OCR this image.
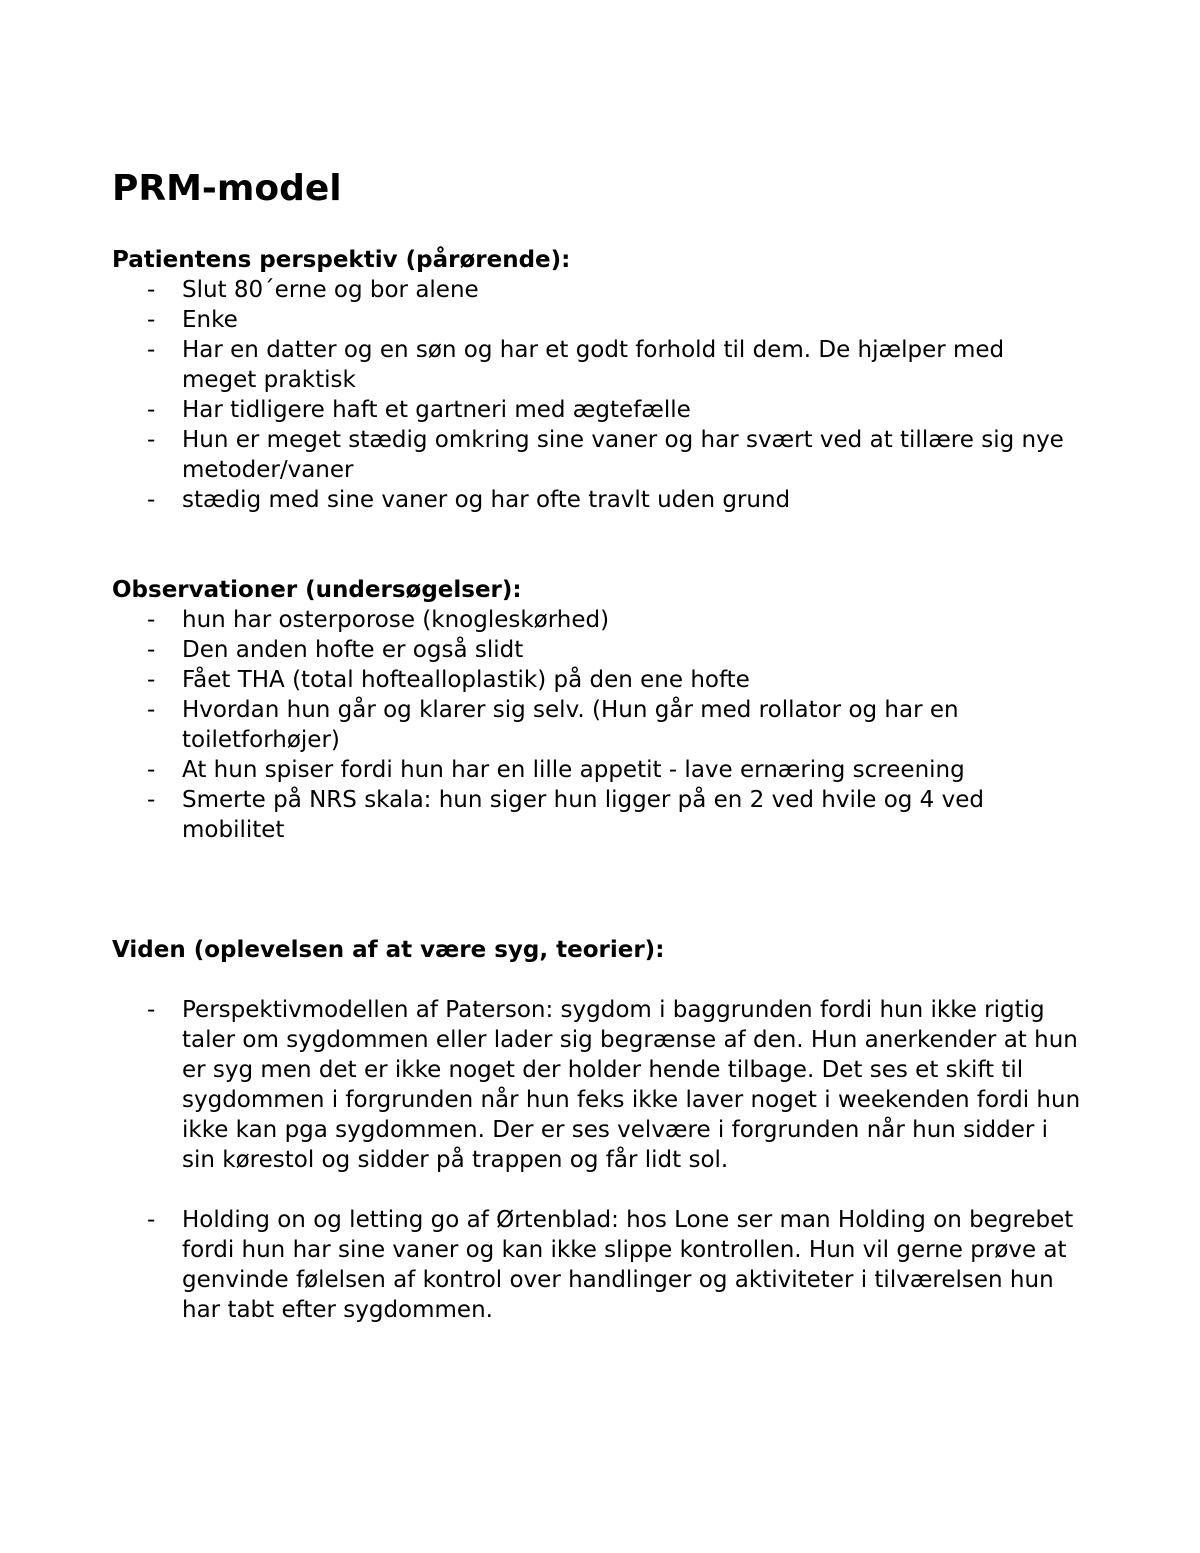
PRM-model
Patientens perspektiv (pårørende):
- Slut 80´erne og bor alene
- Enke
- Har en datter og en søn og har et godt forhold til dem. De hjælper med meget praktisk
- Har tidligere haft et gartneri med ægtefælle
- Hun er meget stædig omkring sine vaner og har svært ved at tillære sig nye metoder/vaner
- stædig med sine vaner og har ofte travlt uden grund
Observationer (undersøgelser):
- hun har osterporose (knogleskørhed)
- Den anden hofte er også slidt
- Fået THA (total hoftealloplastik) på den ene hofte
- Hvordan hun går og klarer sig selv. (Hun går med rollator og har en toiletforhøjer)
- At hun spiser fordi hun har en lille appetit - lave ernæring screening
- Smerte på NRS skala: hun siger hun ligger på en 2 ved hvile og 4 ved mobilitet
Viden (oplevelsen af at være syg, teorier):
- Perspektivmodellen af Paterson: sygdom i baggrunden fordi hun ikke rigtig taler om sygdommen eller lader sig begrænse af den. Hun anerkender at hun er syg men det er ikke noget der holder hende tilbage. Det ses et skift til sygdommen i forgrunden når hun feks ikke laver noget i weekenden fordi hun ikke kan pga sygdommen. Der er ses velvære i forgrunden når hun sidder i sin kørestol og sidder på trappen og får lidt sol.
- Holding on og letting go af Ørtenblad: hos Lone ser man Holding on begrebet fordi hun har sine vaner og kan ikke slippe kontrollen. Hun vil gerne prøve at genvinde følelsen af kontrol over handlinger og aktiviteter i tilværelsen hun har tabt efter sygdommen.
